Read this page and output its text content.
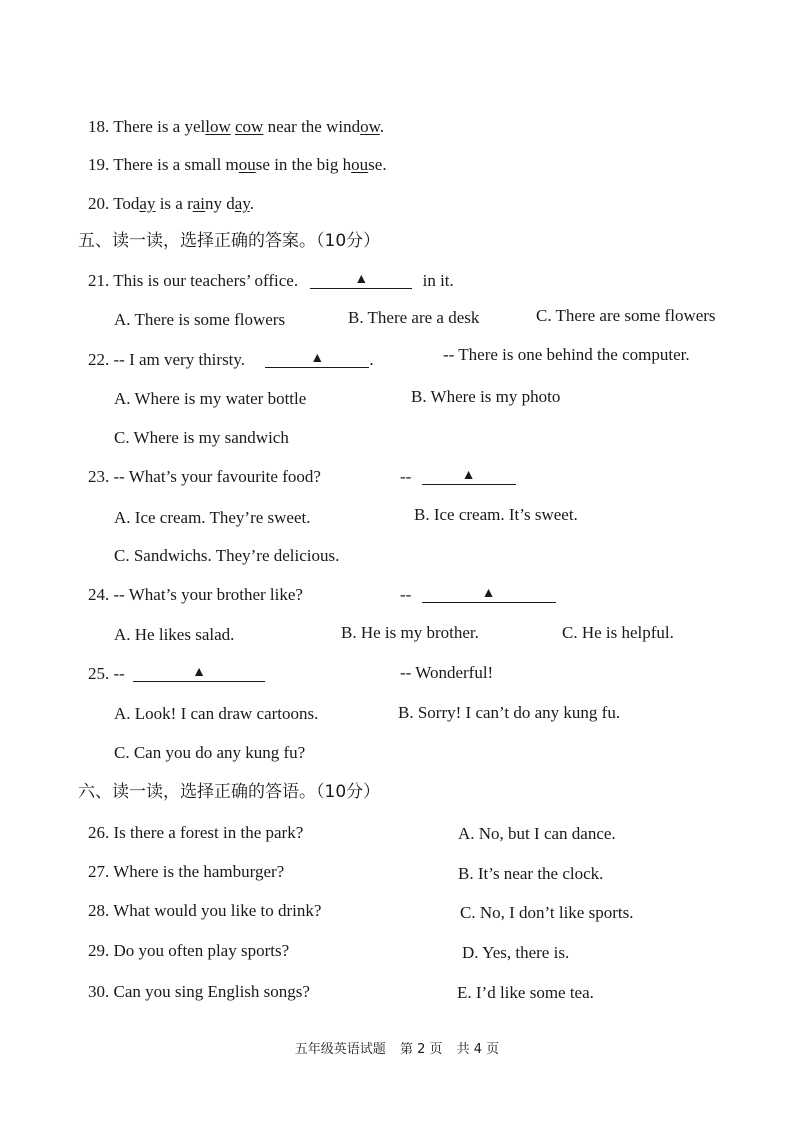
18. There is a yellow cow near the window.
19. There is a small mouse in the big house.
20. Today is a rainy day.
五、读一读，选择正确的答案。（10分）
21. This is our teachers’ office.	▲	in it.
A. There is some flowers	B. There are a desk	C. There are some flowers
22. -- I am very thirsty.	▲	.	-- There is one behind the computer.
A. Where is my water bottle	B. Where is my photo
C. Where is my sandwich
23. -- What’s your favourite food?	--	▲
A. Ice cream. They’re sweet.	B. Ice cream. It’s sweet.
C. Sandwichs. They’re delicious.
24. -- What’s your brother like?	--	▲
A. He likes salad.	B. He is my brother.	C. He is helpful.
25. --	▲	-- Wonderful!
A. Look! I can draw cartoons.	B. Sorry! I can’t do any kung fu.
C. Can you do any kung fu?
六、读一读，选择正确的答语。（10分）
26. Is there a forest in the park?	A. No, but I can dance.
27. Where is the hamburger?	B. It’s near the clock.
28. What would you like to drink?	C. No, I don’t like sports.
29. Do you often play sports?	D. Yes, there is.
30. Can you sing English songs?	E. I’d like some tea.
五年级英语试题 第 2 页 共 4 页
